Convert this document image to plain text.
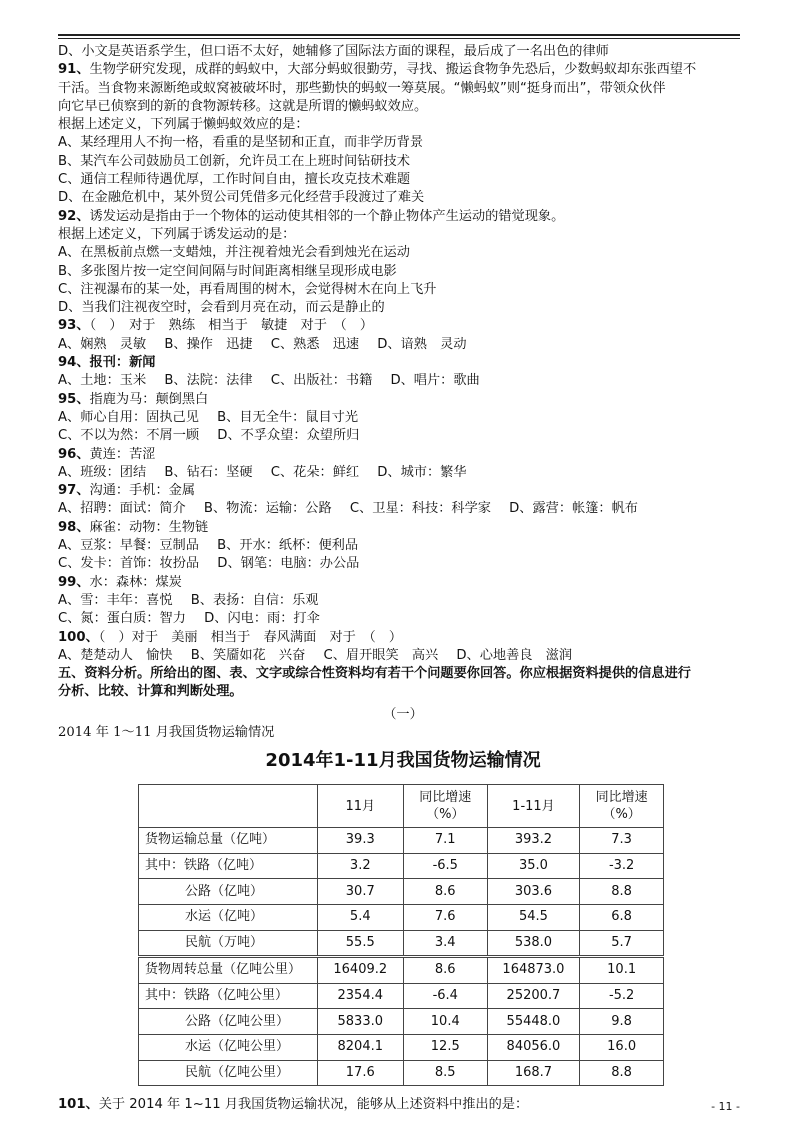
D、小文是英语系学生，但口语不太好，她辅修了国际法方面的课程，最后成了一名出色的律师
91、生物学研究发现，成群的蚂蚁中，大部分蚂蚁很勤劳，寻找、搬运食物争先恐后，少数蚂蚁却东张西望不
干活。当食物来源断绝或蚁窝被破坏时，那些勤快的蚂蚁一筹莫展。“懒蚂蚁”则“挺身而出”，带领众伙伴
向它早已侦察到的新的食物源转移。这就是所谓的懒蚂蚁效应。
根据上述定义，下列属于懒蚂蚁效应的是：
A、某经理用人不拘一格，看重的是坚韧和正直，而非学历背景
B、某汽车公司鼓励员工创新，允许员工在上班时间钻研技术
C、通信工程师待遇优厚，工作时间自由，擅长攻克技术难题
D、在金融危机中，某外贸公司凭借多元化经营手段渡过了难关
92、诱发运动是指由于一个物体的运动使其相邻的一个静止物体产生运动的错觉现象。
根据上述定义，下列属于诱发运动的是：
A、在黑板前点燃一支蜡烛，并注视着烛光会看到烛光在运动
B、多张图片按一定空间间隔与时间距离相继呈现形成电影
C、注视瀑布的某一处，再看周围的树木，会觉得树木在向上飞升
D、当我们注视夜空时，会看到月亮在动，而云是静止的
93、（　）　对于　熟练　相当于　敏捷　对于　（　）
A、娴熟　灵敏 B、操作　迅捷 C、熟悉　迅速 D、谙熟　灵动
94、报刊：新闻
A、土地：玉米 B、法院：法律 C、出版社：书籍 D、唱片：歌曲
95、指鹿为马：颠倒黑白
A、师心自用：固执己见 B、目无全牛：鼠目寸光
C、不以为然：不屑一顾 D、不孚众望：众望所归
96、黄连：苦涩
A、班级：团结 B、钻石：坚硬 C、花朵：鲜红 D、城市：繁华
97、沟通：手机：金属
A、招聘：面试：简介 B、物流：运输：公路 C、卫星：科技：科学家 D、露营：帐篷：帆布
98、麻雀：动物：生物链
A、豆浆：早餐：豆制品 B、开水：纸杯：便利品
C、发卡：首饰：妆扮品 D、钢笔：电脑：办公品
99、水：森林：煤炭
A、雪：丰年：喜悦 B、表扬：自信：乐观
C、氮：蛋白质：智力 D、闪电：雨：打伞
100、（　）对于　美丽　相当于　春风满面　对于　（　）
A、楚楚动人　愉快 B、笑靥如花　兴奋 C、眉开眼笑　高兴 D、心地善良　滋润
五、资料分析。所给出的图、表、文字或综合性资料均有若干个问题要你回答。你应根据资料提供的信息进行
分析、比较、计算和判断处理。
（一）
2014 年 1～11 月我国货物运输情况
2014年1-11月我国货物运输情况
	11月	同比增速（%）	1-11月	同比增速（%）
货物运输总量（亿吨）	39.3	7.1	393.2	7.3
其中：铁路（亿吨）	3.2	-6.5	35.0	-3.2
公路（亿吨）	30.7	8.6	303.6	8.8
水运（亿吨）	5.4	7.6	54.5	6.8
民航（万吨）	55.5	3.4	538.0	5.7
货物周转总量（亿吨公里）	16409.2	8.6	164873.0	10.1
其中：铁路（亿吨公里）	2354.4	-6.4	25200.7	-5.2
公路（亿吨公里）	5833.0	10.4	55448.0	9.8
水运（亿吨公里）	8204.1	12.5	84056.0	16.0
民航（亿吨公里）	17.6	8.5	168.7	8.8
101、关于 2014 年 1~11 月我国货物运输状况，能够从上述资料中推出的是：	- 11 -
